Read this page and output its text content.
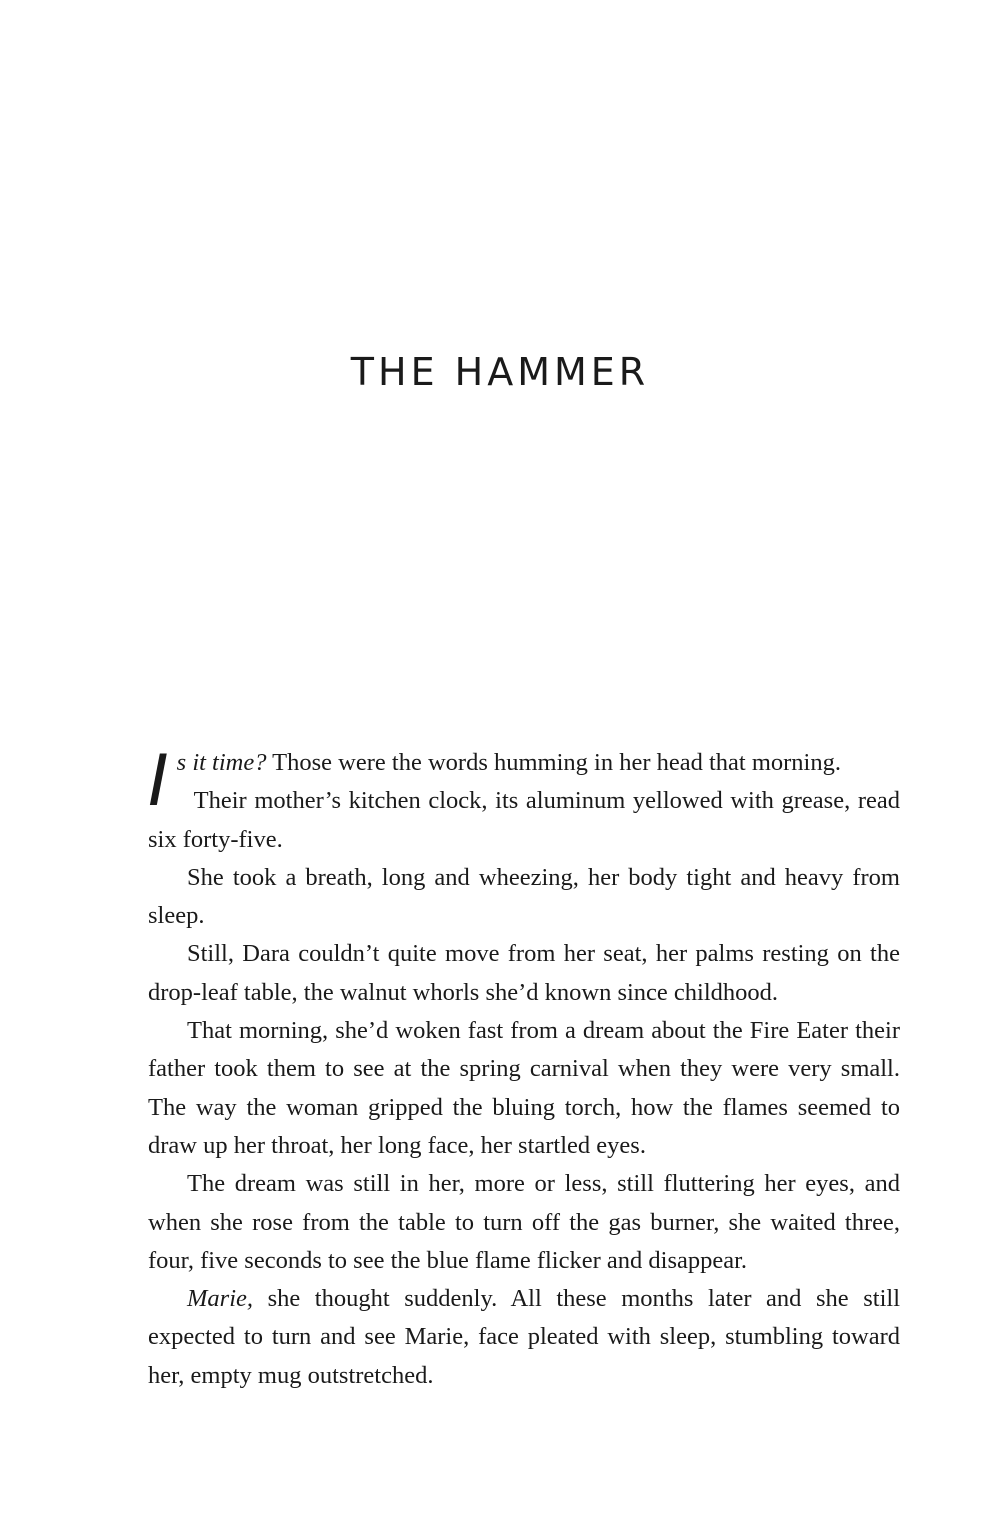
THE HAMMER

Is it time? Those were the words humming in her head that morning.
Their mother’s kitchen clock, its aluminum yellowed with grease, read six forty-five.

She took a breath, long and wheezing, her body tight and heavy from sleep.

Still, Dara couldn’t quite move from her seat, her palms resting on the drop-leaf table, the walnut whorls she’d known since childhood.

That morning, she’d woken fast from a dream about the Fire Eater their father took them to see at the spring carnival when they were very small. The way the woman gripped the bluing torch, how the flames seemed to draw up her throat, her long face, her startled eyes.

The dream was still in her, more or less, still fluttering her eyes, and when she rose from the table to turn off the gas burner, she waited three, four, five seconds to see the blue flame flicker and disappear.

Marie, she thought suddenly. All these months later and she still expected to turn and see Marie, face pleated with sleep, stumbling toward her, empty mug outstretched.
